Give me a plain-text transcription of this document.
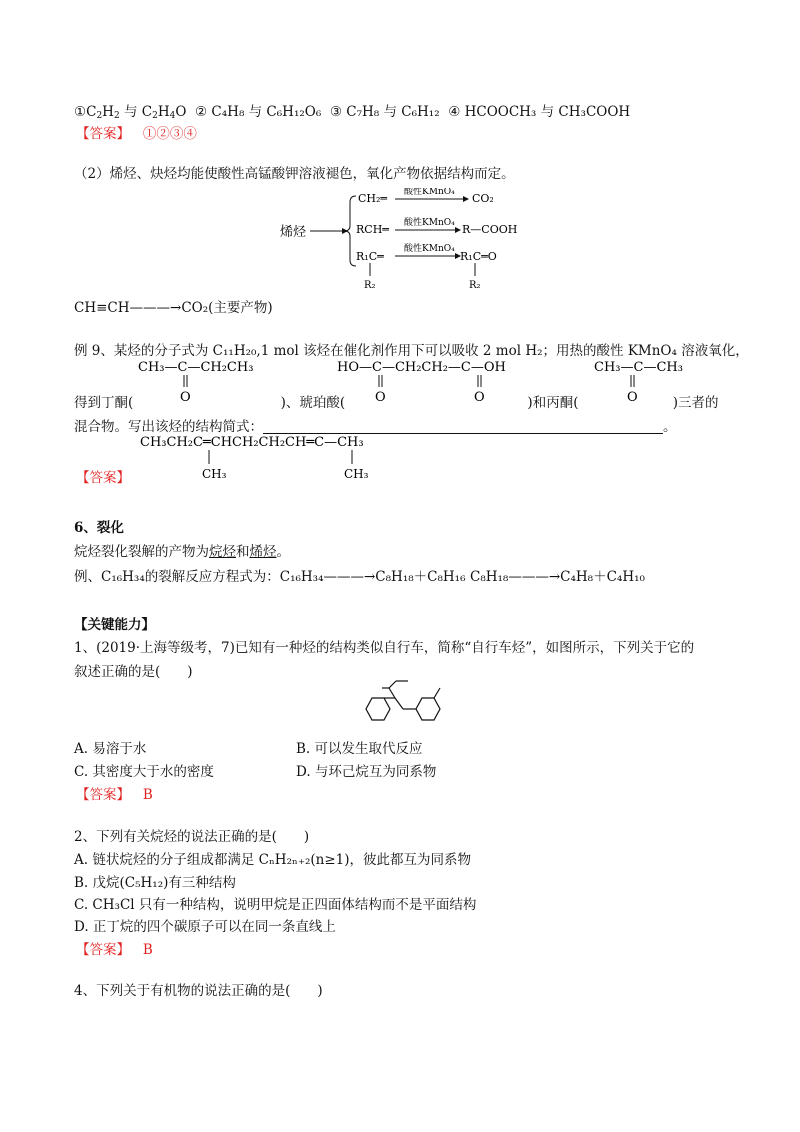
$①C_2H_2$ 与 $C_2H_4O$ ② C₄H₈ 与 C₆H₁₂O₆ ③ C₇H₈ 与 C₆H₁₂ ④ HCOOCH₃ 与 CH₃COOH
【答案】 ①②③④
（2）烯烃、炔烃均能使酸性高锰酸钾溶液褪色，氧化产物依据结构而定。
烯烃
CH₂═ 酸性KMnO₄ CO₂
RCH═ 酸性KMnO₄ R—COOH
R₁C═
酸性KMnO₄
R₁C═O
R₂	R₂
CH≡CH———→CO₂(主要产物)
例 9、某烃的分子式为 C₁₁H₂₀,1 mol 该烃在催化剂作用下可以吸收 2 mol H₂；用热的酸性 KMnO₄ 溶液氧化，
CH₃—C—CH₂CH₃
O
HO—C—CH₂CH₂—C—OH
O	O
CH₃—C—CH₃
O
得到丁酮(	)、琥珀酸(	)和丙酮(	)三者的
混合物。写出该烃的结构简式：	。
CH₃CH₂C═CHCH₂CH₂CH═C—CH₃
CH₃	CH₃
【答案】
6、裂化
烷烃裂化裂解的产物为烷烃和烯烃。
例、C₁₆H₃₄的裂解反应方程式为：C₁₆H₃₄———→C₈H₁₈＋C₈H₁₆ C₈H₁₈———→C₄H₈＋C₄H₁₀
【关键能力】
1、(2019·上海等级考，7)已知有一种烃的结构类似自行车，简称“自行车烃”，如图所示，下列关于它的
叙述正确的是(　　)
A. 易溶于水	B. 可以发生取代反应
C. 其密度大于水的密度	D. 与环己烷互为同系物
【答案】 B
2、下列有关烷烃的说法正确的是(　　)
A. 链状烷烃的分子组成都满足 CₙH₂ₙ₊₂(n≥1)，彼此都互为同系物
B. 戊烷(C₅H₁₂)有三种结构
C. CH₃Cl 只有一种结构，说明甲烷是正四面体结构而不是平面结构
D. 正丁烷的四个碳原子可以在同一条直线上
【答案】 B
4、下列关于有机物的说法正确的是(　　)
